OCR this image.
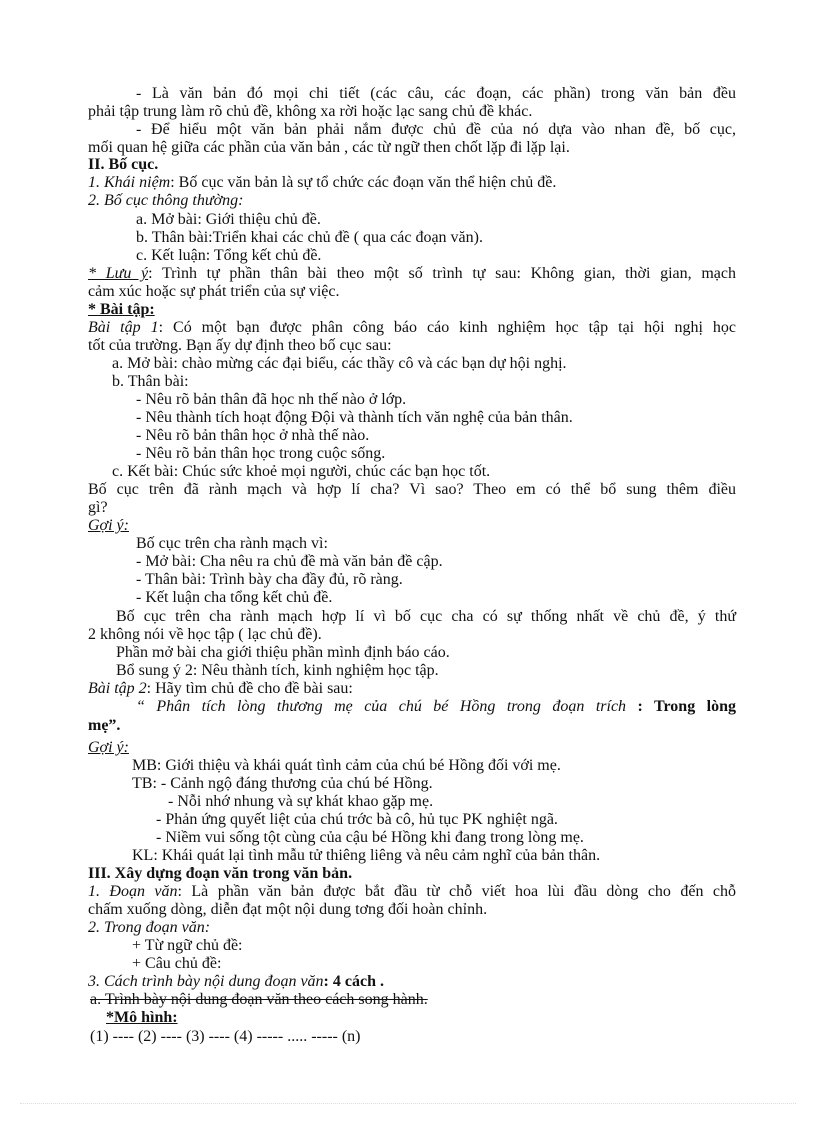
- Là văn bản đó mọi chi tiết (các câu, các đoạn, các phần) trong văn bản đều
phải tập trung làm rõ chủ đề, không xa rời hoặc lạc sang chủ đề khác.
- Để hiểu một văn bản phải nắm được chủ đề của nó dựa vào nhan đề, bố cục,
mối quan hệ giữa các phần của văn bản , các từ ngữ then chốt lặp đi lặp lại.
II. Bố cục.
1. Khái niệm: Bố cục văn bản là sự tổ chức các đoạn văn thể hiện chủ đề.
2. Bố cục thông thường:
a. Mở bài: Giới thiệu chủ đề.
b. Thân bài:Triển khai các chủ đề ( qua các đoạn văn).
c. Kết luận: Tổng kết chủ đề.
* Lưu ý: Trình tự phần thân bài theo một số trình tự sau: Không gian, thời gian, mạch
cảm xúc hoặc sự phát triển của sự việc.
* Bài tập:
Bài tập 1: Có một bạn được phân công báo cáo kinh nghiệm học tập tại hội nghị học
tốt của trường. Bạn ấy dự định theo bố cục sau:
a. Mở bài: chào mừng các đại biểu, các thầy cô và các bạn dự hội nghị.
b. Thân bài:
- Nêu rõ bản thân đã học nh thế nào ở lớp.
- Nêu thành tích hoạt động Đội và thành tích văn nghệ của bản thân.
- Nêu rõ bản thân học ở nhà thế nào.
- Nêu rõ bản thân học trong cuộc sống.
c. Kết bài: Chúc sức khoẻ mọi người, chúc các bạn học tốt.
Bố cục trên đã rành mạch và hợp lí cha? Vì sao? Theo em có thể bổ sung thêm điều
gì?
Gợi ý:
Bố cục trên cha rành mạch vì:
- Mở bài: Cha nêu ra chủ đề mà văn bản đề cập.
- Thân bài: Trình bày cha đầy đủ, rõ ràng.
- Kết luận cha tổng kết chủ đề.
Bố cục trên cha rành mạch hợp lí vì bố cục cha có sự thống nhất về chủ đề, ý thứ
2 không nói về học tập ( lạc chủ đề).
Phần mở bài cha giới thiệu phần mình định báo cáo.
Bổ sung ý 2: Nêu thành tích, kinh nghiệm học tập.
Bài tập 2: Hãy tìm chủ đề cho đề bài sau:
“ Phân tích lòng thương mẹ của chú bé Hồng trong đoạn trích : Trong lòng
mẹ”.
Gợi ý:
MB: Giới thiệu và khái quát tình cảm của chú bé Hồng đối với mẹ.
TB: - Cảnh ngộ đáng thương của chú bé Hồng.
- Nỗi nhớ nhung và sự khát khao gặp mẹ.
- Phản ứng quyết liệt của chú trớc bà cô, hủ tục PK nghiệt ngã.
- Niềm vui sống tột cùng của cậu bé Hồng khi đang trong lòng mẹ.
KL: Khái quát lại tình mẫu tử thiêng liêng và nêu cảm nghĩ của bản thân.
III. Xây dựng đoạn văn trong văn bản.
1. Đoạn văn: Là phần văn bản được bắt đầu từ chỗ viết hoa lùi đầu dòng cho đến chỗ
chấm xuống dòng, diễn đạt một nội dung tơng đối hoàn chỉnh.
2. Trong đoạn văn:
+ Từ ngữ chủ đề:
+ Câu chủ đề:
3. Cách trình bày nội dung đoạn văn: 4 cách .
a. Trình bày nội dung đoạn văn theo cách song hành.
*Mô hình:
(1) ---- (2) ---- (3) ---- (4) ----- ..... ----- (n)
